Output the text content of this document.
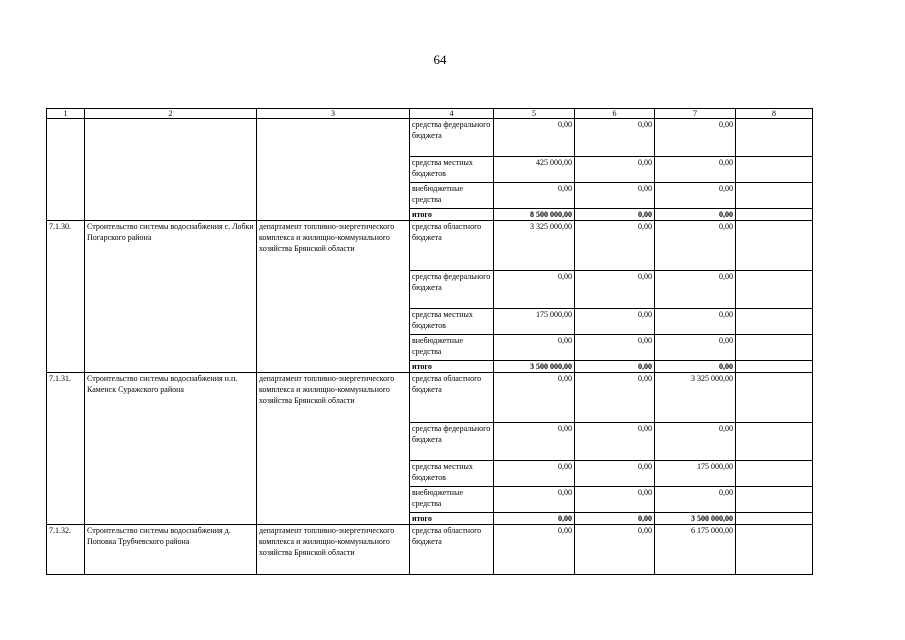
64
1	2	3	4	5	6	7	8
			средства федерального бюджета	0,00	0,00	0,00	
			средства местных бюджетов	425 000,00	0,00	0,00	
			внебюджетные средства	0,00	0,00	0,00	
			итого	8 500 000,00	0,00	0,00	
7.1.30.	Строительство системы водоснабжения с. Лобки Погарского района	департамент топливно-энергетического комплекса и жилищно-коммунального хозяйства Брянской области	средства областного бюджета	3 325 000,00	0,00	0,00	
			средства федерального бюджета	0,00	0,00	0,00	
			средства местных бюджетов	175 000,00	0,00	0,00	
			внебюджетные средства	0,00	0,00	0,00	
			итого	3 500 000,00	0,00	0,00	
7.1.31.	Строительство системы водоснабжения н.п. Каменск Суражского района	департамент топливно-энергетического комплекса и жилищно-коммунального хозяйства Брянской области	средства областного бюджета	0,00	0,00	3 325 000,00	
			средства федерального бюджета	0,00	0,00	0,00	
			средства местных бюджетов	0,00	0,00	175 000,00	
			внебюджетные средства	0,00	0,00	0,00	
			итого	0,00	0,00	3 500 000,00	
7.1.32.	Строительство системы водоснабжения д. Поповка Трубчевского района	департамент топливно-энергетического комплекса и жилищно-коммунального хозяйства Брянской области	средства областного бюджета	0,00	0,00	6 175 000,00	
